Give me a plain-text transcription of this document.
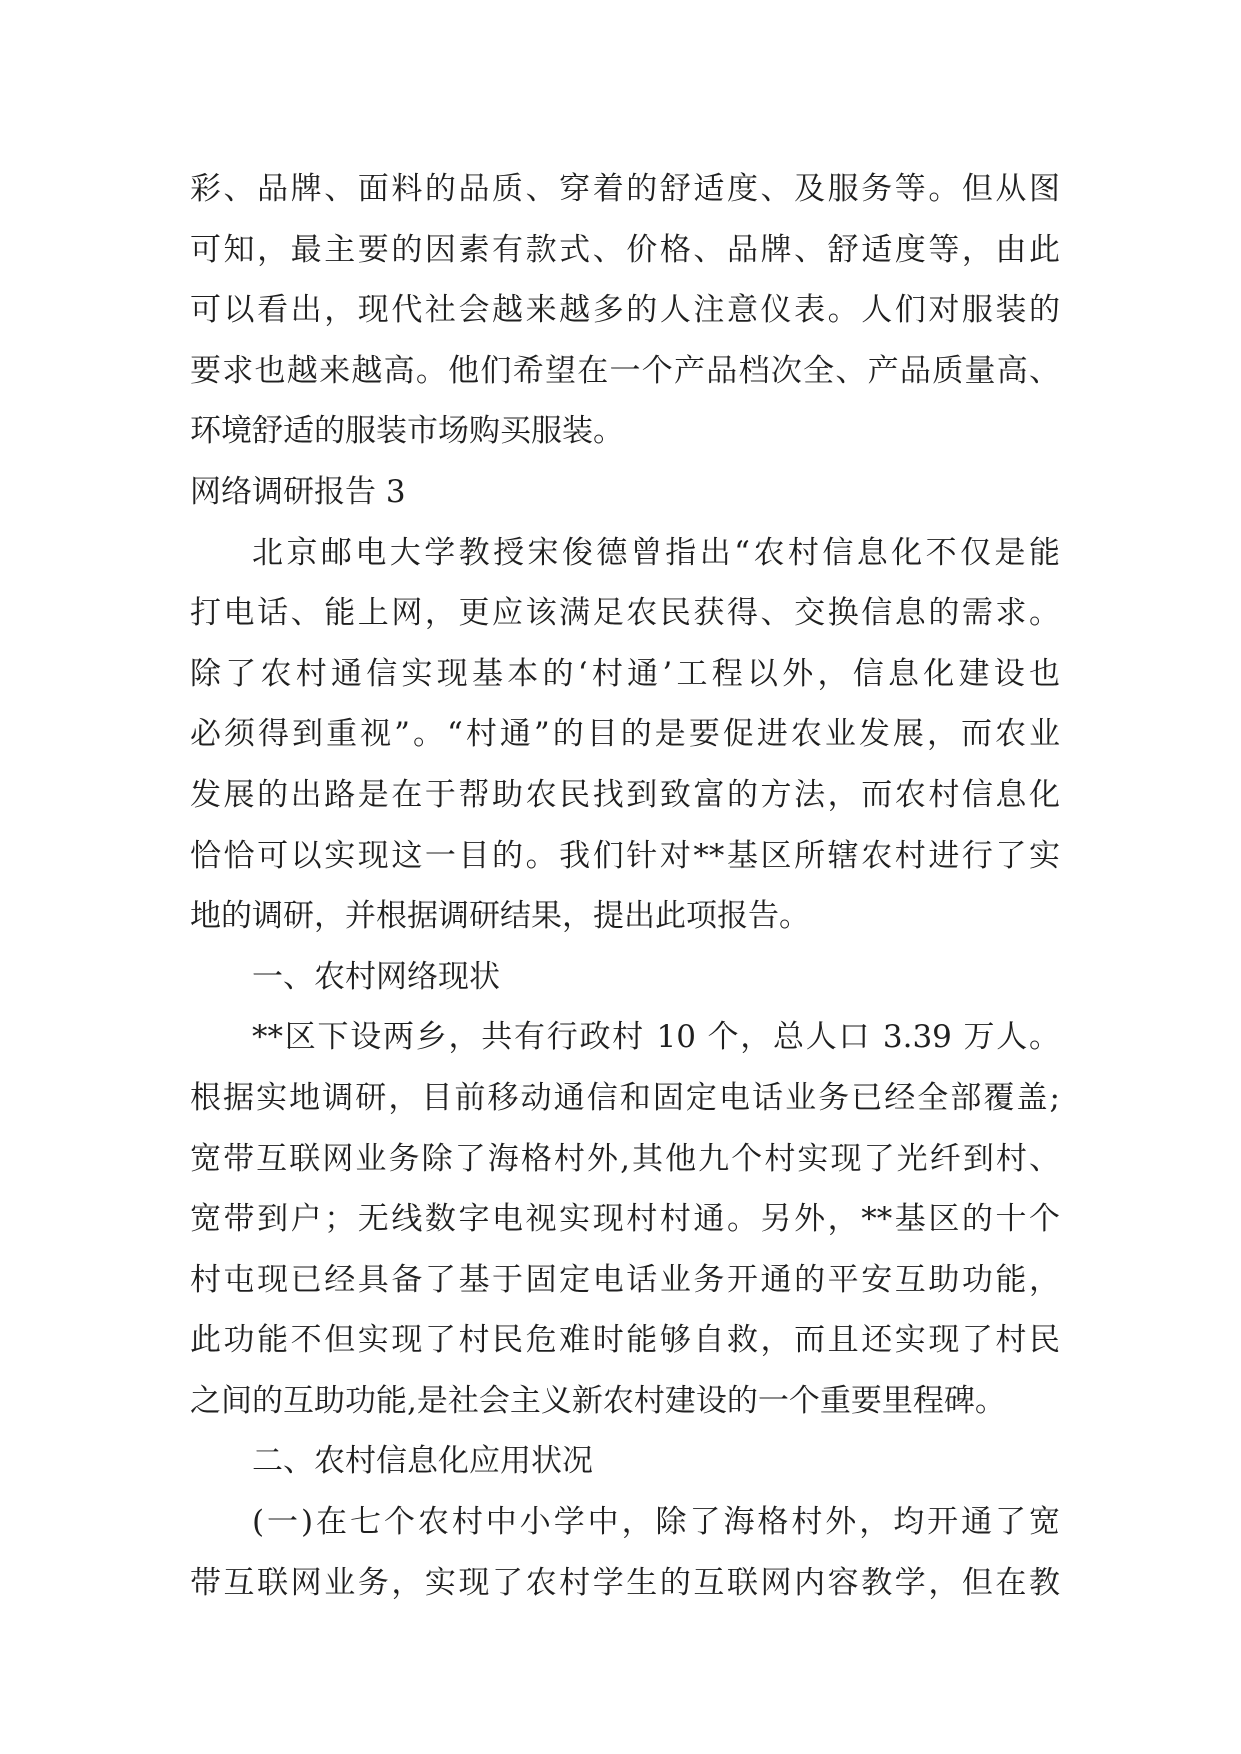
彩、品牌、面料的品质、穿着的舒适度、及服务等。但从图
可知，最主要的因素有款式、价格、品牌、舒适度等，由此
可以看出，现代社会越来越多的人注意仪表。人们对服装的
要求也越来越高。他们希望在一个产品档次全、产品质量高、
环境舒适的服装市场购买服装。
网络调研报告 3
北京邮电大学教授宋俊德曾指出“农村信息化不仅是能
打电话、能上网，更应该满足农民获得、交换信息的需求。
除了农村通信实现基本的‘村通’工程以外，信息化建设也
必须得到重视”。“村通”的目的是要促进农业发展，而农业
发展的出路是在于帮助农民找到致富的方法，而农村信息化
恰恰可以实现这一目的。我们针对**基区所辖农村进行了实
地的调研，并根据调研结果，提出此项报告。
一、农村网络现状
**区下设两乡，共有行政村 10 个，总人口 3.39 万人。
根据实地调研，目前移动通信和固定电话业务已经全部覆盖;
宽带互联网业务除了海格村外,其他九个村实现了光纤到村、
宽带到户；无线数字电视实现村村通。另外，**基区的十个
村屯现已经具备了基于固定电话业务开通的平安互助功能，
此功能不但实现了村民危难时能够自救，而且还实现了村民
之间的互助功能,是社会主义新农村建设的一个重要里程碑。
二、农村信息化应用状况
(一)在七个农村中小学中，除了海格村外，均开通了宽
带互联网业务，实现了农村学生的互联网内容教学，但在教
